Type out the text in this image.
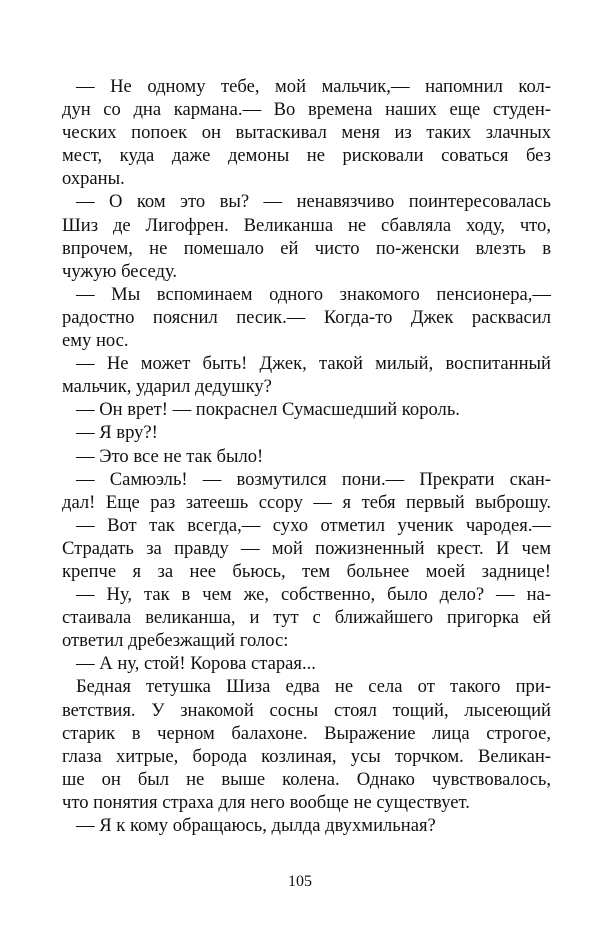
— Не одному тебе, мой мальчик,— напомнил кол-
дун со дна кармана.— Во времена наших еще студен-
ческих попоек он вытаскивал меня из таких злачных
мест, куда даже демоны не рисковали соваться без
охраны.
— О ком это вы? — ненавязчиво поинтересовалась
Шиз де Лигофрен. Великанша не сбавляла ходу, что,
впрочем, не помешало ей чисто по-женски влезть в
чужую беседу.
— Мы вспоминаем одного знакомого пенсионера,—
радостно пояснил песик.— Когда-то Джек расквасил
ему нос.
— Не может быть! Джек, такой милый, воспитанный
мальчик, ударил дедушку?
— Он врет! — покраснел Сумасшедший король.
— Я вру?!
— Это все не так было!
— Самюэль! — возмутился пони.— Прекрати скан-
дал! Еще раз затеешь ссору — я тебя первый выброшу.
— Вот так всегда,— сухо отметил ученик чародея.—
Страдать за правду — мой пожизненный крест. И чем
крепче я за нее бьюсь, тем больнее моей заднице!
— Ну, так в чем же, собственно, было дело? — на-
стаивала великанша, и тут с ближайшего пригорка ей
ответил дребезжащий голос:
— А ну, стой! Корова старая...
Бедная тетушка Шиза едва не села от такого при-
ветствия. У знакомой сосны стоял тощий, лысеющий
старик в черном балахоне. Выражение лица строгое,
глаза хитрые, борода козлиная, усы торчком. Великан-
ше он был не выше колена. Однако чувствовалось,
что понятия страха для него вообще не существует.
— Я к кому обращаюсь, дылда двухмильная?
105
